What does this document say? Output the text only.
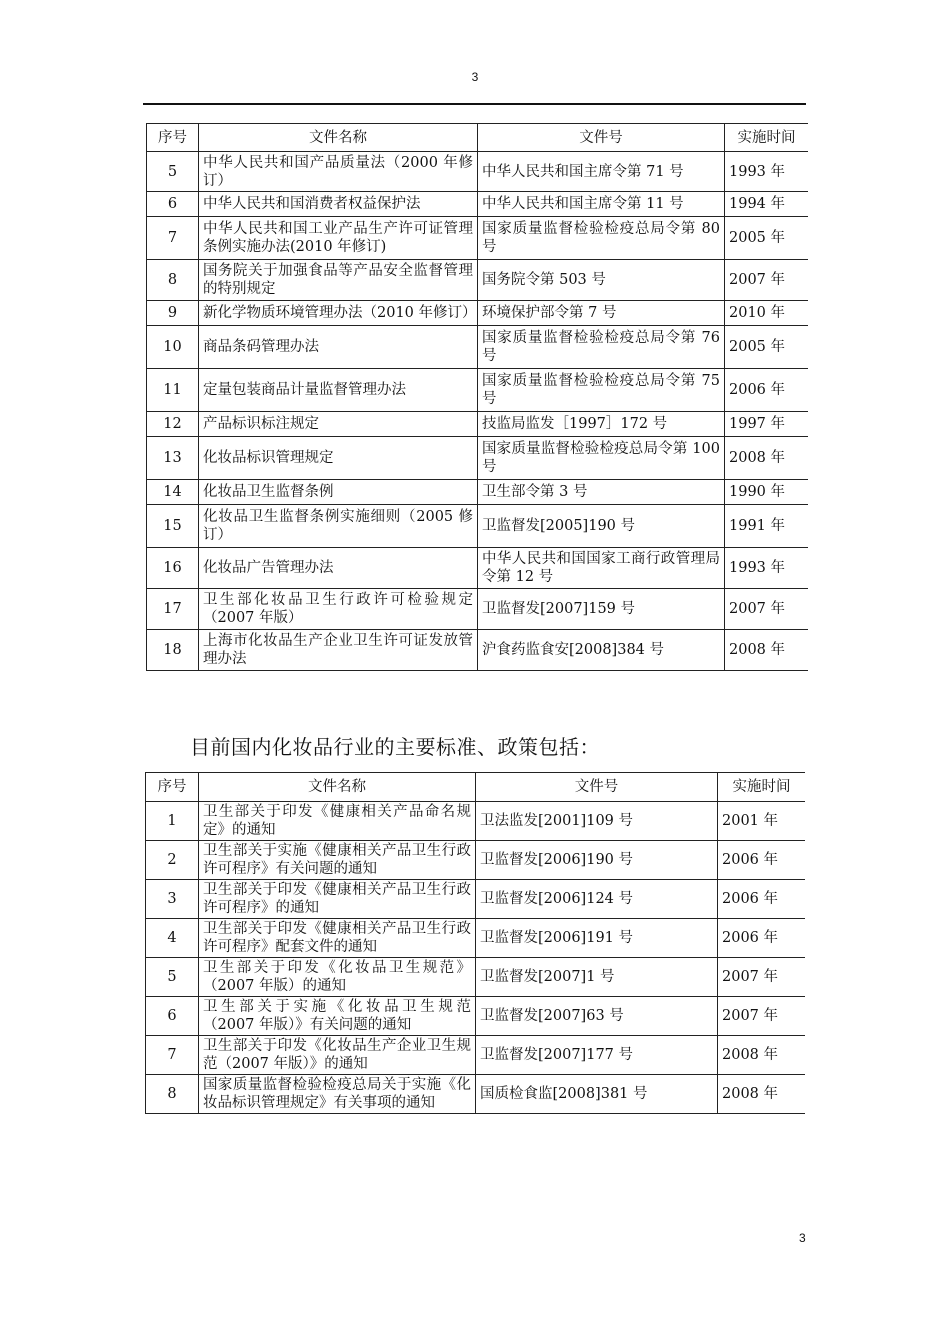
3
序号	文件名称	文件号	实施时间
5	中华人民共和国产品质量法（2000 年修订）	中华人民共和国主席令第 71 号	1993 年
6	中华人民共和国消费者权益保护法	中华人民共和国主席令第 11 号	1994 年
7	中华人民共和国工业产品生产许可证管理条例实施办法(2010 年修订)	国家质量监督检验检疫总局令第 80 号	2005 年
8	国务院关于加强食品等产品安全监督管理的特别规定	国务院令第 503 号	2007 年
9	新化学物质环境管理办法（2010 年修订）	环境保护部令第 7 号	2010 年
10	商品条码管理办法	国家质量监督检验检疫总局令第 76 号	2005 年
11	定量包装商品计量监督管理办法	国家质量监督检验检疫总局令第 75 号	2006 年
12	产品标识标注规定	技监局监发［1997］172 号	1997 年
13	化妆品标识管理规定	国家质量监督检验检疫总局令第 100 号	2008 年
14	化妆品卫生监督条例	卫生部令第 3 号	1990 年
15	化妆品卫生监督条例实施细则（2005 修订）	卫监督发[2005]190 号	1991 年
16	化妆品广告管理办法	中华人民共和国国家工商行政管理局令第 12 号	1993 年
17	卫生部化妆品卫生行政许可检验规定（2007 年版）	卫监督发[2007]159 号	2007 年
18	上海市化妆品生产企业卫生许可证发放管理办法	沪食药监食安[2008]384 号	2008 年
目前国内化妆品行业的主要标准、政策包括：
序号	文件名称	文件号	实施时间
1	卫生部关于印发《健康相关产品命名规定》的通知	卫法监发[2001]109 号	2001 年
2	卫生部关于实施《健康相关产品卫生行政许可程序》有关问题的通知	卫监督发[2006]190 号	2006 年
3	卫生部关于印发《健康相关产品卫生行政许可程序》的通知	卫监督发[2006]124 号	2006 年
4	卫生部关于印发《健康相关产品卫生行政许可程序》配套文件的通知	卫监督发[2006]191 号	2006 年
5	卫生部关于印发《化妆品卫生规范》（2007 年版）的通知	卫监督发[2007]1 号	2007 年
6	卫生部关于实施《化妆品卫生规范（2007 年版）》有关问题的通知	卫监督发[2007]63 号	2007 年
7	卫生部关于印发《化妆品生产企业卫生规范（2007 年版）》的通知	卫监督发[2007]177 号	2008 年
8	国家质量监督检验检疫总局关于实施《化妆品标识管理规定》有关事项的通知	国质检食监[2008]381 号	2008 年
3
